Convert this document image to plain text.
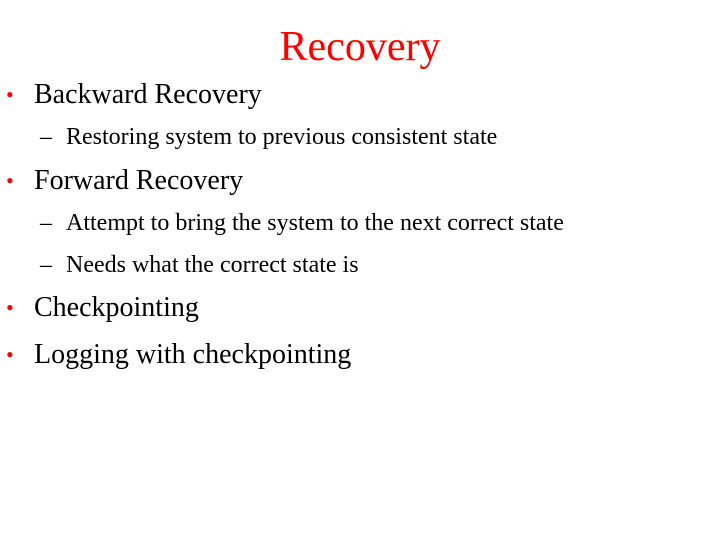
Recovery
• Backward Recovery
– Restoring system to previous consistent state
• Forward Recovery
– Attempt to bring the system to the next correct state
– Needs what the correct state is
• Checkpointing
• Logging with checkpointing
